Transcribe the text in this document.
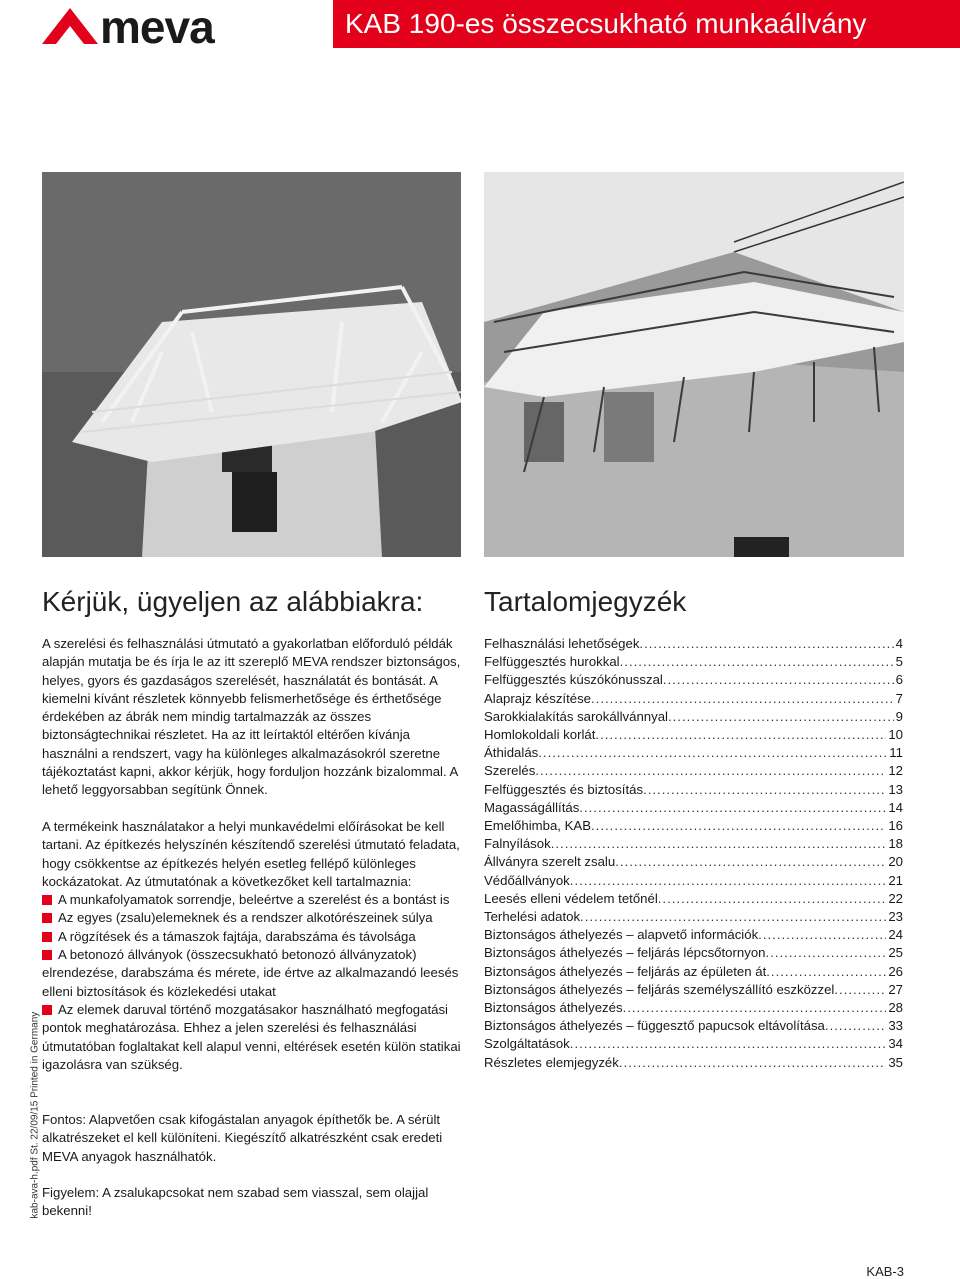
meva	KAB 190-es összecsukható munkaállvány
Kérjük, ügyeljen az alábbiakra: Tartalomjegyzék
A szerelési és felhasználási útmutató a gyakorlatban előforduló példák alapján mutatja be és írja le az itt szereplő MEVA rendszer biztonságos, helyes, gyors és gazdaságos szerelését, használatát és bontását. A kiemelni kívánt részletek könnyebb felismerhetősége és érthetősége érdekében az ábrák nem mindig tartalmazzák az összes biztonságtechnikai részletet. Ha az itt leírtaktól eltérően kívánja használni a rendszert, vagy ha különleges alkalmazásokról szeretne tájékoztatást kapni, akkor kérjük, hogy forduljon hozzánk bizalommal. A lehető leggyorsabban segítünk Önnek.

A termékeink használatakor a helyi munkavédelmi előírásokat be kell tartani. Az építkezés helyszínén készítendő szerelési útmutató feladata, hogy csökkentse az építkezés helyén esetleg fellépő különleges kockázatokat. Az útmutatónak a következőket kell tartalmaznia:

A munkafolyamatok sorrendje, beleértve a szerelést és a bontást is
Az egyes (zsalu)elemeknek és a rendszer alkotórészeinek súlya
A rögzítések és a támaszok fajtája, darabszáma és távolsága
A betonozó állványok (összecsukható betonozó állványzatok) elrendezése, darabszáma és mérete, ide értve az alkalmazandó leesés elleni biztosítások és közlekedési utakat
Az elemek daruval történő mozgatásakor használható megfogatási pontok meghatározása. Ehhez a jelen szerelési és felhasználási útmutatóban foglaltakat kell alapul venni, eltérések esetén külön statikai igazolásra van szükség.
Fontos: Alapvetően csak kifogástalan anyagok építhetők be. A sérült alkatrészeket el kell különíteni. Kiegészítő alkatrészként csak eredeti MEVA anyagok használhatók.
Figyelem: A zsalukapcsokat nem szabad sem viasszal, sem olajjal bekenni!
Felhasználási lehetőségek .....	4
Felfüggesztés hurokkal .....	5
Felfüggesztés kúszókónusszal .....	6
Alaprajz készítése .....	7
Sarokkialakítás sarokállvánnyal .....	9
Homlokoldali korlát .....	10
Áthidalás .....	11
Szerelés .....	12
Felfüggesztés és biztosítás .....	13
Magasságállítás .....	14
Emelőhimba, KAB .....	16
Falnyílások .....	18
Állványra szerelt zsalu .....	20
Védőállványok .....	21
Leesés elleni védelem tetőnél .....	22
Terhelési adatok .....	23
Biztonságos áthelyezés – alapvető információk .....	24
Biztonságos áthelyezés – feljárás lépcsőtornyon .....	25
Biztonságos áthelyezés – feljárás az épületen át .....	26
Biztonságos áthelyezés – feljárás személyszállító eszközzel .....	27
Biztonságos áthelyezés .....	28
Biztonságos áthelyezés – függesztő papucsok eltávolítása .....	33
Szolgáltatások .....	34
Részletes elemjegyzék .....	35
kab-ava-h.pdf St. 22/09/15 Printed in Germany
KAB-3
